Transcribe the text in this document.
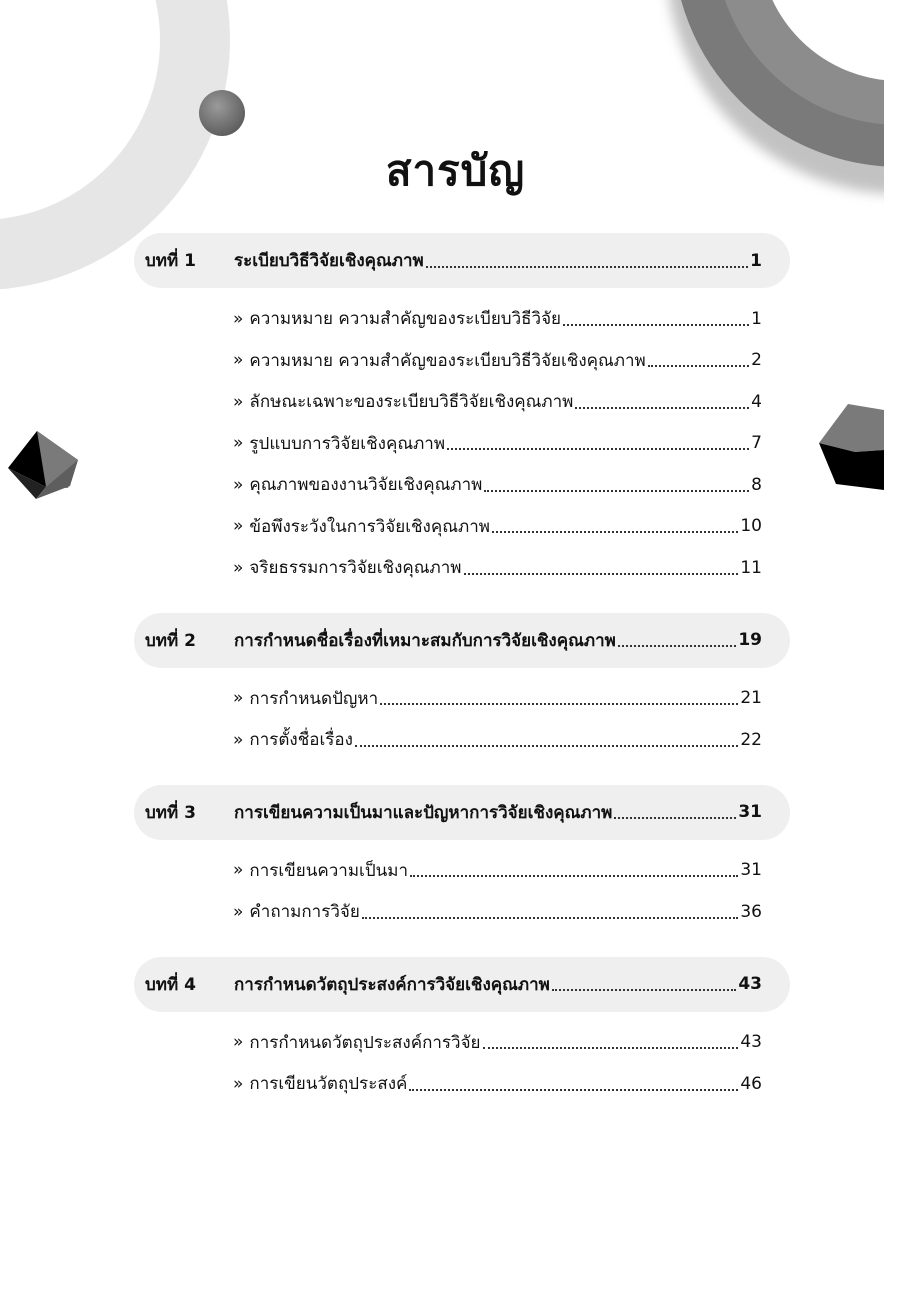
สารบัญ
บทที่ 1	ระเบียบวิธีวิจัยเชิงคุณภาพ	1
» ความหมาย ความสำคัญของระเบียบวิธีวิจัย	1
» ความหมาย ความสำคัญของระเบียบวิธีวิจัยเชิงคุณภาพ	2
» ลักษณะเฉพาะของระเบียบวิธีวิจัยเชิงคุณภาพ	4
» รูปแบบการวิจัยเชิงคุณภาพ	7
» คุณภาพของงานวิจัยเชิงคุณภาพ	8
» ข้อพึงระวังในการวิจัยเชิงคุณภาพ	10
» จริยธรรมการวิจัยเชิงคุณภาพ	11
บทที่ 2	การกำหนดชื่อเรื่องที่เหมาะสมกับการวิจัยเชิงคุณภาพ	19
» การกำหนดปัญหา	21
» การตั้งชื่อเรื่อง	22
บทที่ 3	การเขียนความเป็นมาและปัญหาการวิจัยเชิงคุณภาพ	31
» การเขียนความเป็นมา	31
» คำถามการวิจัย	36
บทที่ 4	การกำหนดวัตถุประสงค์การวิจัยเชิงคุณภาพ	43
» การกำหนดวัตถุประสงค์การวิจัย	43
» การเขียนวัตถุประสงค์	46
